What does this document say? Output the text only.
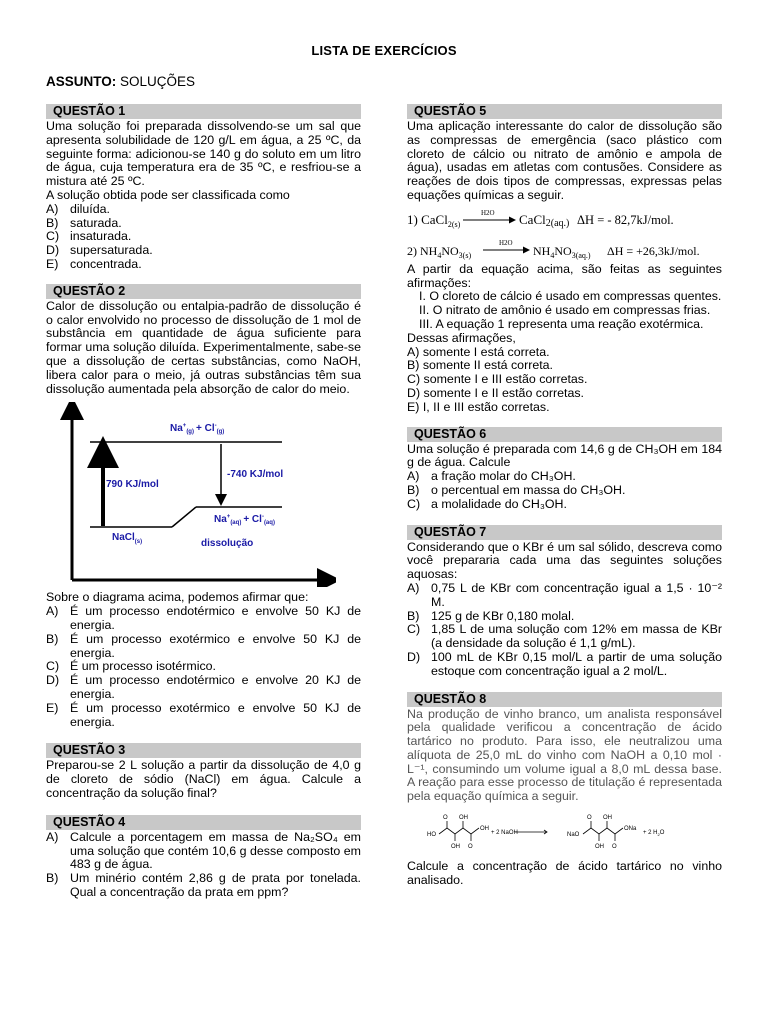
LISTA DE EXERCÍCIOS
ASSUNTO: SOLUÇÕES
QUESTÃO 1

Uma solução foi preparada dissolvendo-se um sal que apresenta solubilidade de 120 g/L em água, a 25 ºC, da seguinte forma: adicionou-se 140 g do soluto em um litro de água, cuja temperatura era de 35 ºC, e resfriou-se a mistura até 25 ºC.

A solução obtida pode ser classificada como

A) diluída.
B) saturada.
C) insaturada.
D) supersaturada.
E) concentrada.
QUESTÃO 2

Calor de dissolução ou entalpia-padrão de dissolução é o calor envolvido no processo de dissolução de 1 mol de substância em quantidade de água suficiente para formar uma solução diluída. Experimentalmente, sabe-se que a dissolução de certas substâncias, como NaOH, libera calor para o meio, já outras substâncias têm sua dissolução aumentada pela absorção de calor do meio.

$Na^+_{(g)} + Cl^-_{(g)}$
790 KJ/mol
-740 KJ/mol
$Na^+_{(aq)} + Cl^-_{(aq)}$
NaCl$_{(s)}$	dissolução

Sobre o diagrama acima, podemos afirmar que:

A) É um processo endotérmico e envolve 50 KJ de energia.
B) É um processo exotérmico e envolve 50 KJ de energia.
C) É um processo isotérmico.
D) É um processo endotérmico e envolve 20 KJ de energia.
E) É um processo exotérmico e envolve 50 KJ de energia.
QUESTÃO 3

Preparou-se 2 L solução a partir da dissolução de 4,0 g de cloreto de sódio (NaCl) em água. Calcule a concentração da solução final?

QUESTÃO 4
A) Calcule a porcentagem em massa de Na₂SO₄ em uma solução que contém 10,6 g desse composto em 483 g de água.
B) Um minério contém 2,86 g de prata por tonelada. Qual a concentração da prata em ppm?
QUESTÃO 5

Uma aplicação interessante do calor de dissolução são as compressas de emergência (saco plástico com cloreto de cálcio ou nitrato de amônio e ampola de água), usadas em atletas com contusões. Considere as reações de dois tipos de compressas, expressas pelas equações químicas a seguir.

1) CaCl$_{2(s)}$
H2O CaCl2(aq.) ΔH = - 82,7kJ/mol.
2) $NH_4NO_{3(s)}$
H2O
$NH_4NO_{3(aq.)}$ ΔH = +26,3kJ/mol.

A partir da equação acima, são feitas as seguintes afirmações:

I. O cloreto de cálcio é usado em compressas quentes.
II. O nitrato de amônio é usado em compressas frias.
III. A equação 1 representa uma reação exotérmica.

Dessas afirmações,

A) somente I está correta.
B) somente II está correta.
C) somente I e III estão corretas.
D) somente I e II estão corretas.
E) I, II e III estão corretas.
QUESTÃO 6

Uma solução é preparada com 14,6 g de CH₃OH em 184 g de água. Calcule

A) a fração molar do CH₃OH.
B) o percentual em massa do CH₃OH.
C) a molalidade do CH₃OH.
QUESTÃO 7

Considerando que o KBr é um sal sólido, descreva como você prepararia cada uma das seguintes soluções aquosas:

A) 0,75 L de KBr com concentração igual a 1,5 · 10⁻² M.
B) 125 g de KBr 0,180 molal.
C) 1,85 L de uma solução com 12% em massa de KBr (a densidade da solução é 1,1 g/mL).
D) 100 mL de KBr 0,15 mol/L a partir de uma solução estoque com concentração igual a 2 mol/L.
QUESTÃO 8

Na produção de vinho branco, um analista responsável pela qualidade verificou a concentração de ácido tartárico no produto. Para isso, ele neutralizou uma alíquota de 25,0 mL do vinho com NaOH a 0,10 mol · L⁻¹, consumindo um volume igual a 8,0 mL dessa base. A reação para esse processo de titulação é representada pela equação química a seguir.

HO
O OH
OH O
OH
+ 2 NaOH	NaO
O OH
OH O
ONa
+ 2 $H_2O$

Calcule a concentração de ácido tartárico no vinho analisado.
